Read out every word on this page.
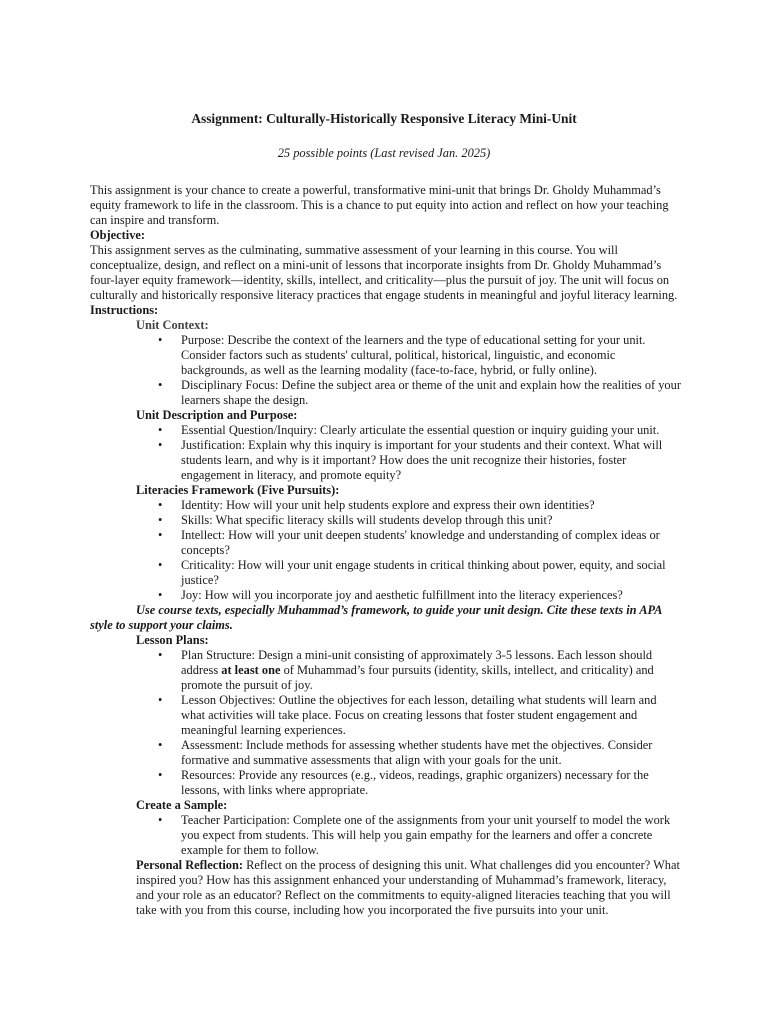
Assignment: Culturally-Historically Responsive Literacy Mini-Unit

25 possible points (Last revised Jan. 2025)

This assignment is your chance to create a powerful, transformative mini-unit that brings Dr. Gholdy Muhammad’s equity framework to life in the classroom. This is a chance to put equity into action and reflect on how your teaching can inspire and transform.

Objective:

This assignment serves as the culminating, summative assessment of your learning in this course. You will conceptualize, design, and reflect on a mini-unit of lessons that incorporate insights from Dr. Gholdy Muhammad’s four-layer equity framework—identity, skills, intellect, and criticality—plus the pursuit of joy. The unit will focus on culturally and historically responsive literacy practices that engage students in meaningful and joyful literacy learning.

Instructions:

Unit Context:

• Purpose: Describe the context of the learners and the type of educational setting for your unit. Consider factors such as students' cultural, political, historical, linguistic, and economic backgrounds, as well as the learning modality (face-to-face, hybrid, or fully online).
• Disciplinary Focus: Define the subject area or theme of the unit and explain how the realities of your learners shape the design.

Unit Description and Purpose:

• Essential Question/Inquiry: Clearly articulate the essential question or inquiry guiding your unit.
• Justification: Explain why this inquiry is important for your students and their context. What will students learn, and why is it important? How does the unit recognize their histories, foster engagement in literacy, and promote equity?

Literacies Framework (Five Pursuits):

• Identity: How will your unit help students explore and express their own identities?
• Skills: What specific literacy skills will students develop through this unit?
• Intellect: How will your unit deepen students' knowledge and understanding of complex ideas or concepts?
• Criticality: How will your unit engage students in critical thinking about power, equity, and social justice?
• Joy: How will you incorporate joy and aesthetic fulfillment into the literacy experiences?

Use course texts, especially Muhammad’s framework, to guide your unit design. Cite these texts in APA
style to support your claims.

Lesson Plans:

• Plan Structure: Design a mini-unit consisting of approximately 3-5 lessons. Each lesson should address at least one of Muhammad’s four pursuits (identity, skills, intellect, and criticality) and promote the pursuit of joy.
• Lesson Objectives: Outline the objectives for each lesson, detailing what students will learn and what activities will take place. Focus on creating lessons that foster student engagement and meaningful learning experiences.
• Assessment: Include methods for assessing whether students have met the objectives. Consider formative and summative assessments that align with your goals for the unit.
• Resources: Provide any resources (e.g., videos, readings, graphic organizers) necessary for the lessons, with links where appropriate.

Create a Sample:

• Teacher Participation: Complete one of the assignments from your unit yourself to model the work you expect from students. This will help you gain empathy for the learners and offer a concrete example for them to follow.

Personal Reflection: Reflect on the process of designing this unit. What challenges did you encounter? What inspired you? How has this assignment enhanced your understanding of Muhammad’s framework, literacy, and your role as an educator? Reflect on the commitments to equity-aligned literacies teaching that you will take with you from this course, including how you incorporated the five pursuits into your unit.
